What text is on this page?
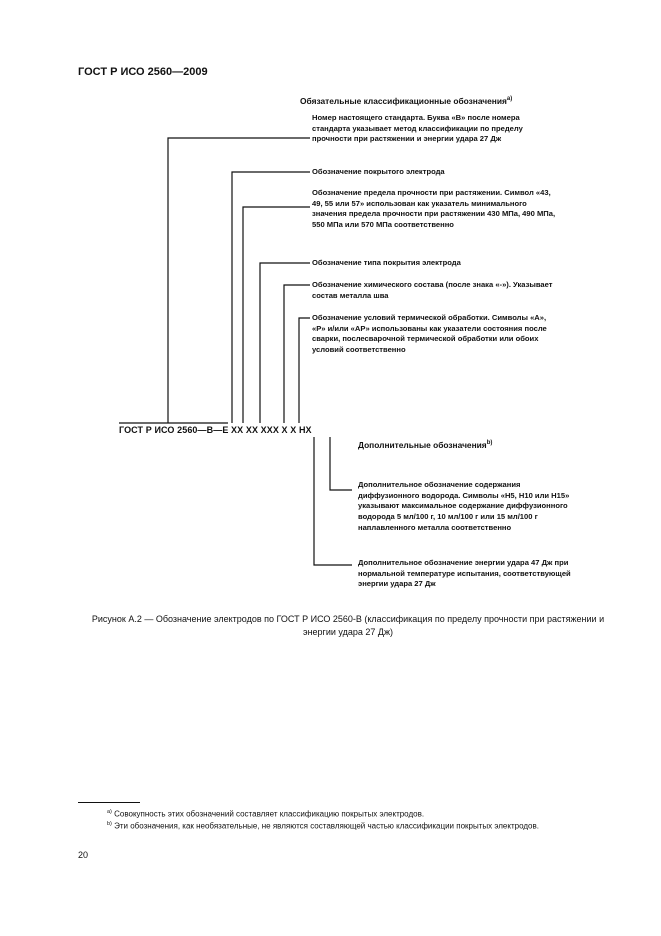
ГОСТ Р ИСО 2560—2009
Обязательные классификационные обозначения$^{a)}$
Номер настоящего стандарта. Буква «В» после номера стандарта указывает метод классификации по пределу прочности при растяжении и энергии удара 27 Дж
Обозначение покрытого электрода
Обозначение предела прочности при растяжении. Символ «43, 49, 55 или 57» использован как указатель минимального значения предела прочности при растяжении 430 МПа, 490 МПа, 550 МПа или 570 МПа соответственно
Обозначение типа покрытия электрода
Обозначение химического состава (после знака «-»). Указывает состав металла шва
Обозначение условий термической обработки. Символы «А», «Р» и/или «АР» использованы как указатели состояния после сварки, послесварочной термической обработки или обоих условий соответственно
ГОСТ Р ИСО 2560—В—Е XX XX XXX X X HX
Дополнительные обозначения$^{b)}$
Дополнительное обозначение содержания диффузионного водорода. Символы «Н5, Н10 или Н15» указывают максимальное содержание диффузионного водорода 5 мл/100 г, 10 мл/100 г или 15 мл/100 г наплавленного металла соответственно
Дополнительное обозначение энергии удара 47 Дж при нормальной температуре испытания, соответствующей энергии удара 27 Дж
Рисунок А.2 — Обозначение электродов по ГОСТ Р ИСО 2560-В (классификация по пределу прочности при растяжении и энергии удара 27 Дж)
$^{a)}$ Совокупность этих обозначений составляет классификацию покрытых электродов.
$^{b)}$ Эти обозначения, как необязательные, не являются составляющей частью классификации покрытых электродов.
20
